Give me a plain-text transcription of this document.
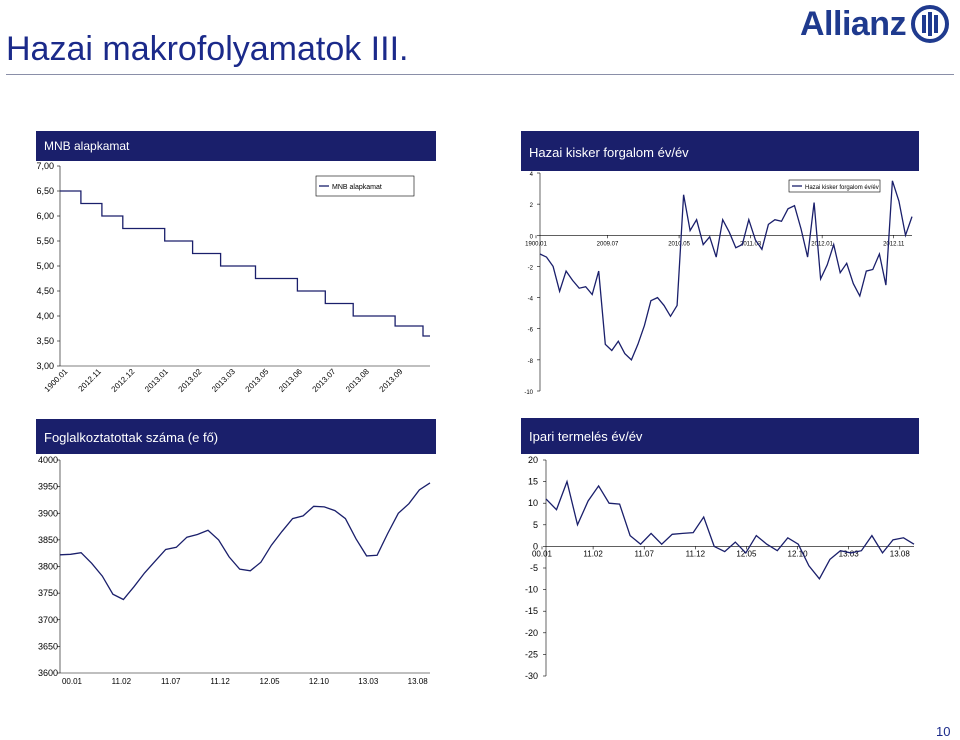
Hazai makrofolyamatok III.
Allianz
10
MNB alapkamat
7,00
6,50
6,00
5,50
5,00
4,50
4,00
3,50
3,00
1900.01 2012.11 2012.12 2013.01 2013.02 2013.03 2013.05 2013.06 2013.07 2013.08 2013.09
MNB alapkamat
Hazai kisker forgalom év/év
4
2
0
-2
-4
-6
-8
-10
1900.01	2009.07	2010.05	2011.03	2012.01	2012.11
Hazai kisker forgalom év/év
Foglalkoztatottak száma (e fő)
4000
3950
3900
3850
3800
3750
3700
3650
3600
00.01	11.02	11.07	11.12	12.05	12.10	13.03	13.08
Ipari termelés év/év
20
15
10
5
0
-5
-10
-15
-20
-25
-30
00.01	11.02	11.07	11.12	12.05	12.10	13.03	13.08
